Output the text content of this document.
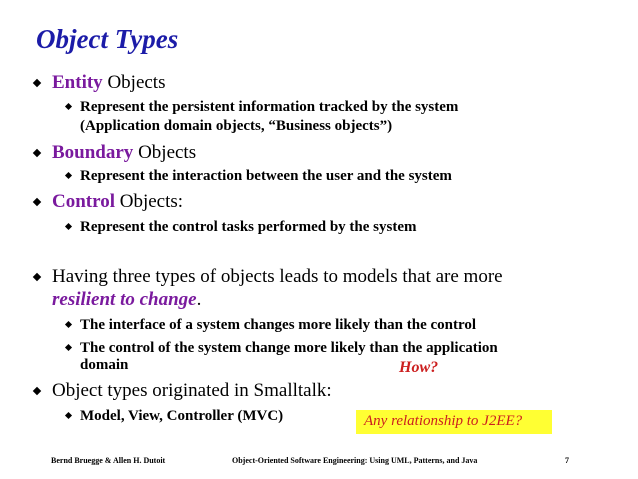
Object Types
Entity Objects
Represent the persistent information tracked by the system
(Application domain objects, “Business objects”)
Boundary Objects
Represent the interaction between the user and the system
Control Objects:
Represent the control tasks performed by the system
Having three types of objects leads to models that are more
resilient to change.
The interface of a system changes more likely than the control
The control of the system change more likely than the application
domain	How?
Object types originated in Smalltalk:
Model, View, Controller (MVC)	Any relationship to J2EE?
Bernd Bruegge & Allen H. Dutoit	Object-Oriented Software Engineering: Using UML, Patterns, and Java	7
